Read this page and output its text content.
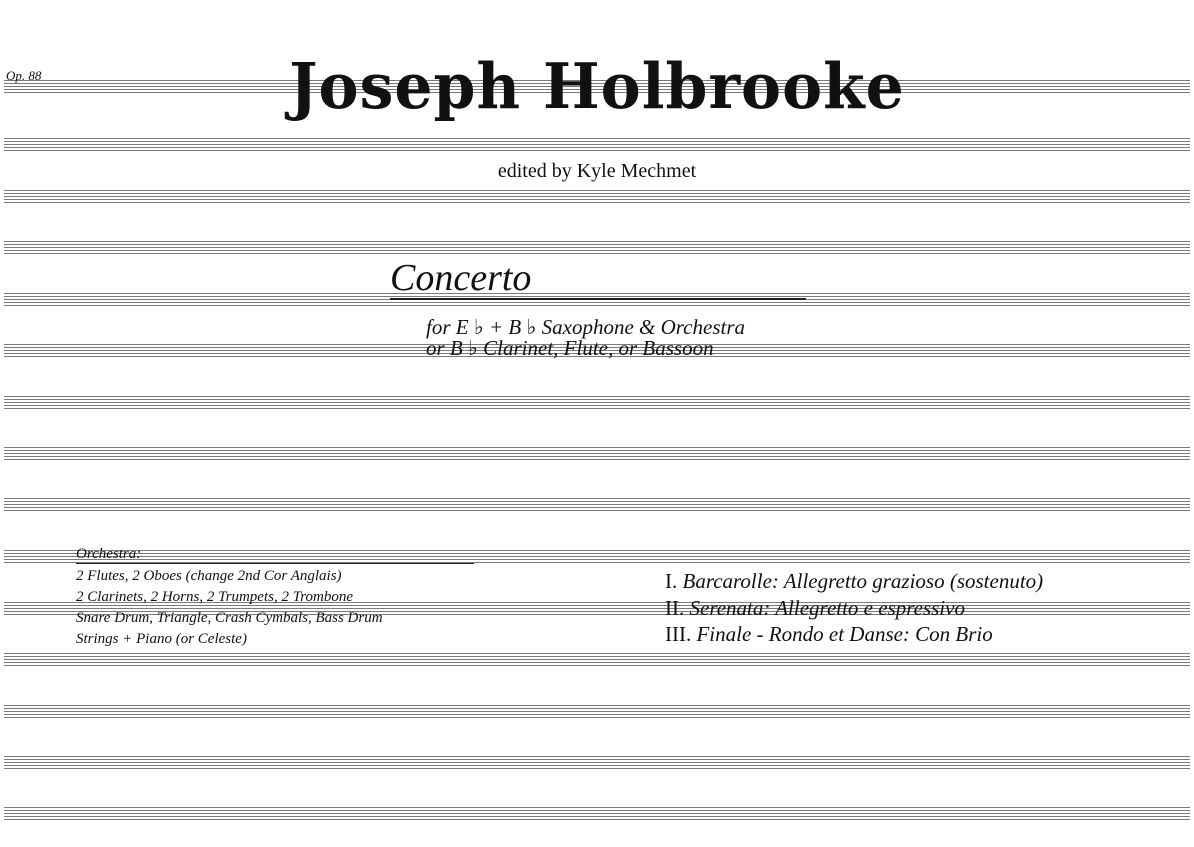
Op. 88	Joseph Holbrooke
edited by Kyle Mechmet
Concerto
for E ♭ + B ♭ Saxophone & Orchestra
or B ♭ Clarinet, Flute, or Bassoon
Orchestra:
2 Flutes, 2 Oboes (change 2nd Cor Anglais)
2 Clarinets, 2 Horns, 2 Trumpets, 2 Trombone
Snare Drum, Triangle, Crash Cymbals, Bass Drum
Strings + Piano (or Celeste)
I. Barcarolle: Allegretto grazioso (sostenuto)
II. Serenata: Allegretto e espressivo
III. Finale - Rondo et Danse: Con Brio
